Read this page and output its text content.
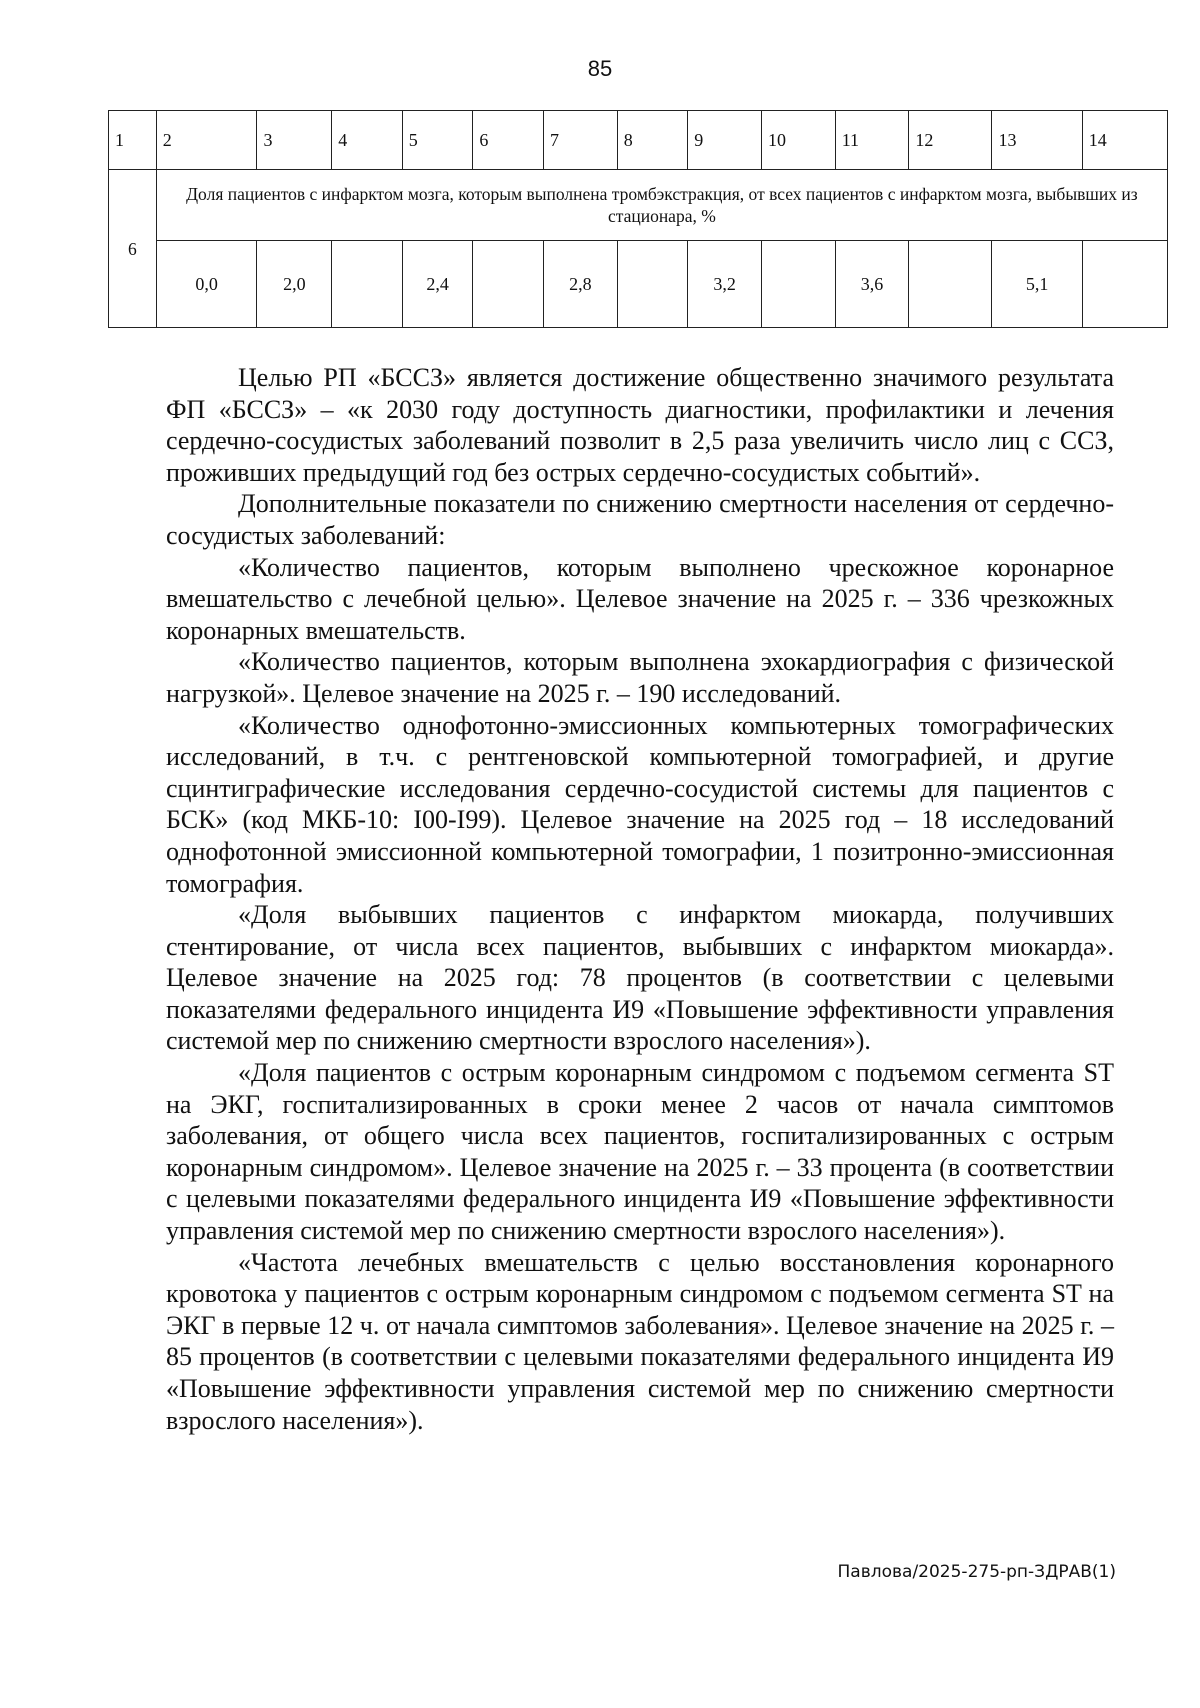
85
1	2	3	4	5	6	7	8	9	10	11	12	13	14
6	Доля пациентов с инфарктом мозга, которым выполнена тромбэкстракция, от всех пациентов с инфарктом мозга, выбывших из стационара, %												
	0,0	2,0		2,4		2,8		3,2		3,6		5,1	

Целью РП «БССЗ» является достижение общественно значимого результата ФП «БССЗ» – «к 2030 году доступность диагностики, профилактики и лечения сердечно-сосудистых заболеваний позволит в 2,5 раза увеличить число лиц с ССЗ, проживших предыдущий год без острых сердечно-сосудистых событий».

Дополнительные показатели по снижению смертности населения от сердечно-сосудистых заболеваний:

«Количество пациентов, которым выполнено чрескожное коронарное вмешательство с лечебной целью». Целевое значение на 2025 г. – 336 чрезкожных коронарных вмешательств.

«Количество пациентов, которым выполнена эхокардиография с физической нагрузкой». Целевое значение на 2025 г. – 190 исследований.

«Количество однофотонно-эмиссионных компьютерных томографических исследований, в т.ч. с рентгеновской компьютерной томографией, и другие сцинтиграфические исследования сердечно-сосудистой системы для пациентов с БСК» (код МКБ-10: I00-I99). Целевое значение на 2025 год – 18 исследований однофотонной эмиссионной компьютерной томографии, 1 позитронно-эмиссионная томография.

«Доля выбывших пациентов с инфарктом миокарда, получивших стентирование, от числа всех пациентов, выбывших с инфарктом миокарда». Целевое значение на 2025 год: 78 процентов (в соответствии с целевыми показателями федерального инцидента И9 «Повышение эффективности управления системой мер по снижению смертности взрослого населения»).

«Доля пациентов с острым коронарным синдромом с подъемом сегмента ST на ЭКГ, госпитализированных в сроки менее 2 часов от начала симптомов заболевания, от общего числа всех пациентов, госпитализированных с острым коронарным синдромом». Целевое значение на 2025 г. – 33 процента (в соответствии с целевыми показателями федерального инцидента И9 «Повышение эффективности управления системой мер по снижению смертности взрослого населения»).

«Частота лечебных вмешательств с целью восстановления коронарного кровотока у пациентов с острым коронарным синдромом с подъемом сегмента ST на ЭКГ в первые 12 ч. от начала симптомов заболевания». Целевое значение на 2025 г. – 85 процентов (в соответствии с целевыми показателями федерального инцидента И9 «Повышение эффективности управления системой мер по снижению смертности взрослого населения»).

Павлова/2025-275-рп-ЗДРАВ(1)
